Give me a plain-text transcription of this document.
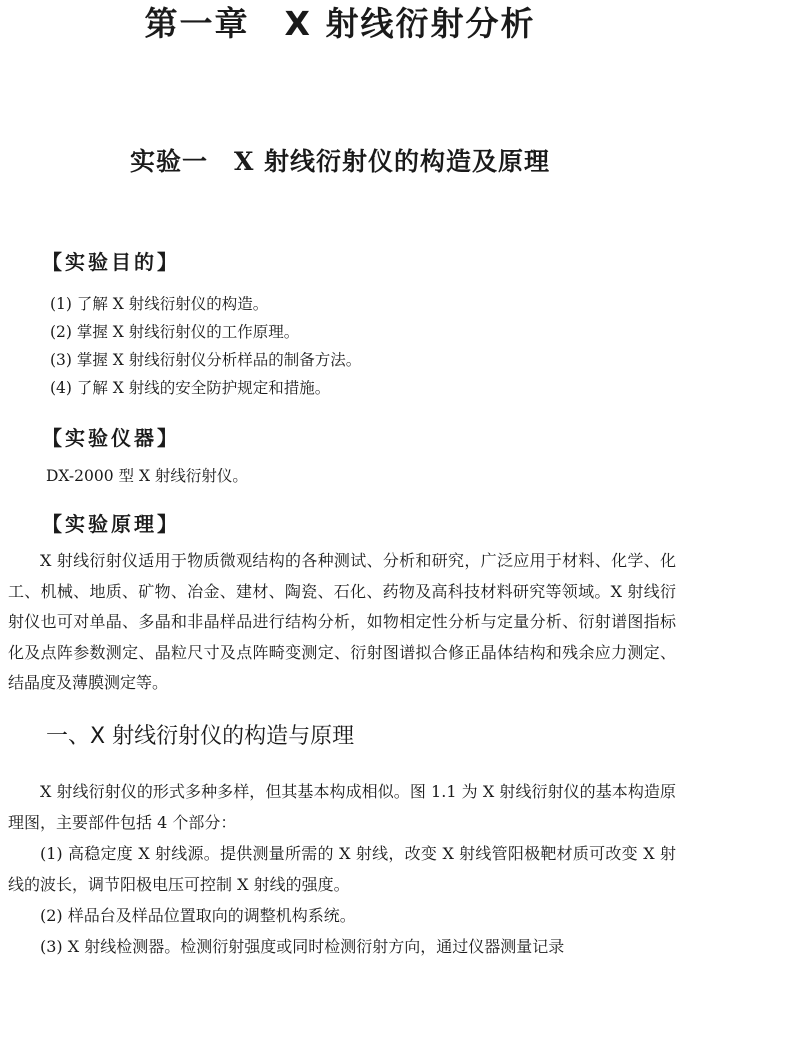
第一章　X 射线衍射分析
实验一　X 射线衍射仪的构造及原理
【实验目的】

(1) 了解 X 射线衍射仪的构造。

(2) 掌握 X 射线衍射仪的工作原理。

(3) 掌握 X 射线衍射仪分析样品的制备方法。

(4) 了解 X 射线的安全防护规定和措施。

【实验仪器】

DX-2000 型 X 射线衍射仪。

【实验原理】

X 射线衍射仪适用于物质微观结构的各种测试、分析和研究，广泛应用于材料、化学、化工、机械、地质、矿物、冶金、建材、陶瓷、石化、药物及高科技材料研究等领域。X 射线衍射仪也可对单晶、多晶和非晶样品进行结构分析，如物相定性分析与定量分析、衍射谱图指标化及点阵参数测定、晶粒尺寸及点阵畸变测定、衍射图谱拟合修正晶体结构和残余应力测定、结晶度及薄膜测定等。

一、X 射线衍射仪的构造与原理
X 射线衍射仪的形式多种多样，但其基本构成相似。图 1.1 为 X 射线衍射仪的基本构造原理图，主要部件包括 4 个部分：
(1) 高稳定度 X 射线源。提供测量所需的 X 射线，改变 X 射线管阳极靶材质可改变 X 射线的波长，调节阳极电压可控制 X 射线的强度。
(2) 样品台及样品位置取向的调整机构系统。
(3) X 射线检测器。检测衍射强度或同时检测衍射方向，通过仪器测量记录
